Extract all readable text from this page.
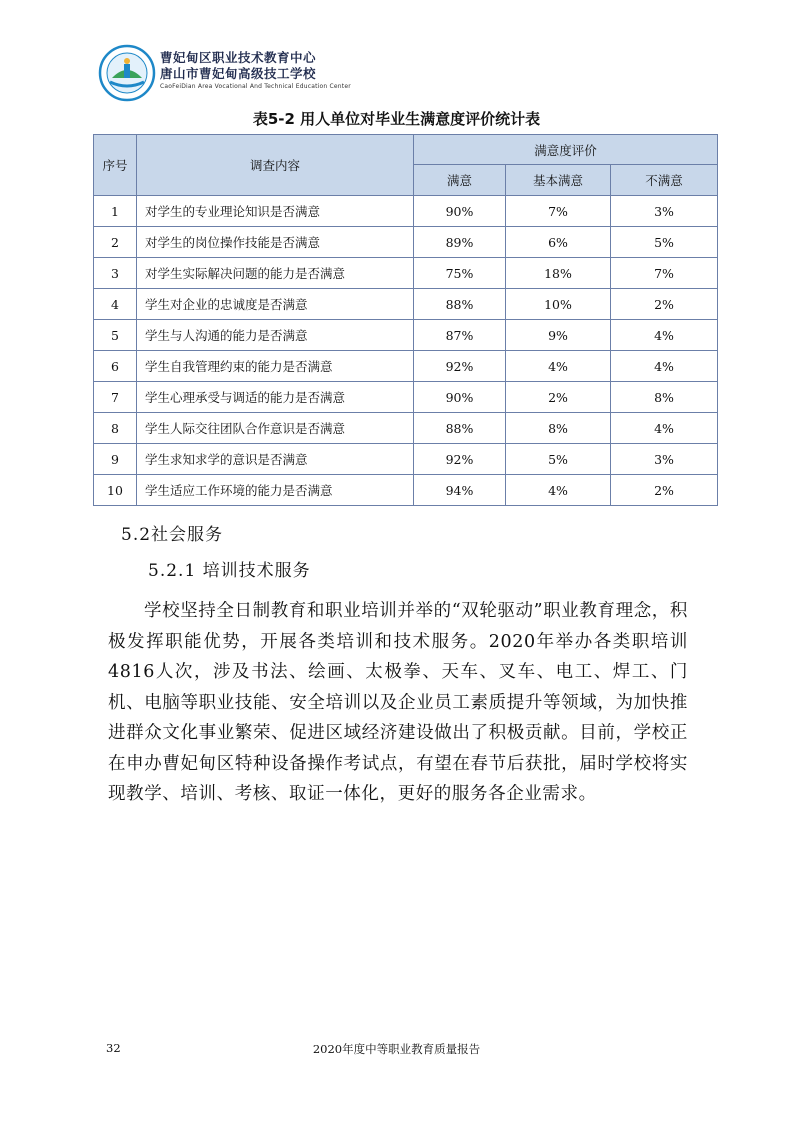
曹妃甸区职业技术教育中心
唐山市曹妃甸高级技工学校
CaoFeiDian Area Vocational And Technical Education Center
表5-2 用人单位对毕业生满意度评价统计表
序号	调查内容	满意度评价		
		满意	基本满意	不满意
1	对学生的专业理论知识是否满意	90%	7%	3%
2	对学生的岗位操作技能是否满意	89%	6%	5%
3	对学生实际解决问题的能力是否满意	75%	18%	7%
4	学生对企业的忠诚度是否满意	88%	10%	2%
5	学生与人沟通的能力是否满意	87%	9%	4%
6	学生自我管理约束的能力是否满意	92%	4%	4%
7	学生心理承受与调适的能力是否满意	90%	2%	8%
8	学生人际交往团队合作意识是否满意	88%	8%	4%
9	学生求知求学的意识是否满意	92%	5%	3%
10	学生适应工作环境的能力是否满意	94%	4%	2%
5.2社会服务
5.2.1 培训技术服务
学校坚持全日制教育和职业培训并举的“双轮驱动”职业教育理念，积极发挥职能优势，开展各类培训和技术服务。2020年举办各类职培训4816人次，涉及书法、绘画、太极拳、天车、叉车、电工、焊工、门机、电脑等职业技能、安全培训以及企业员工素质提升等领域，为加快推进群众文化事业繁荣、促进区域经济建设做出了积极贡献。目前，学校正在申办曹妃甸区特种设备操作考试点，有望在春节后获批，届时学校将实现教学、培训、考核、取证一体化，更好的服务各企业需求。
32	2020年度中等职业教育质量报告
